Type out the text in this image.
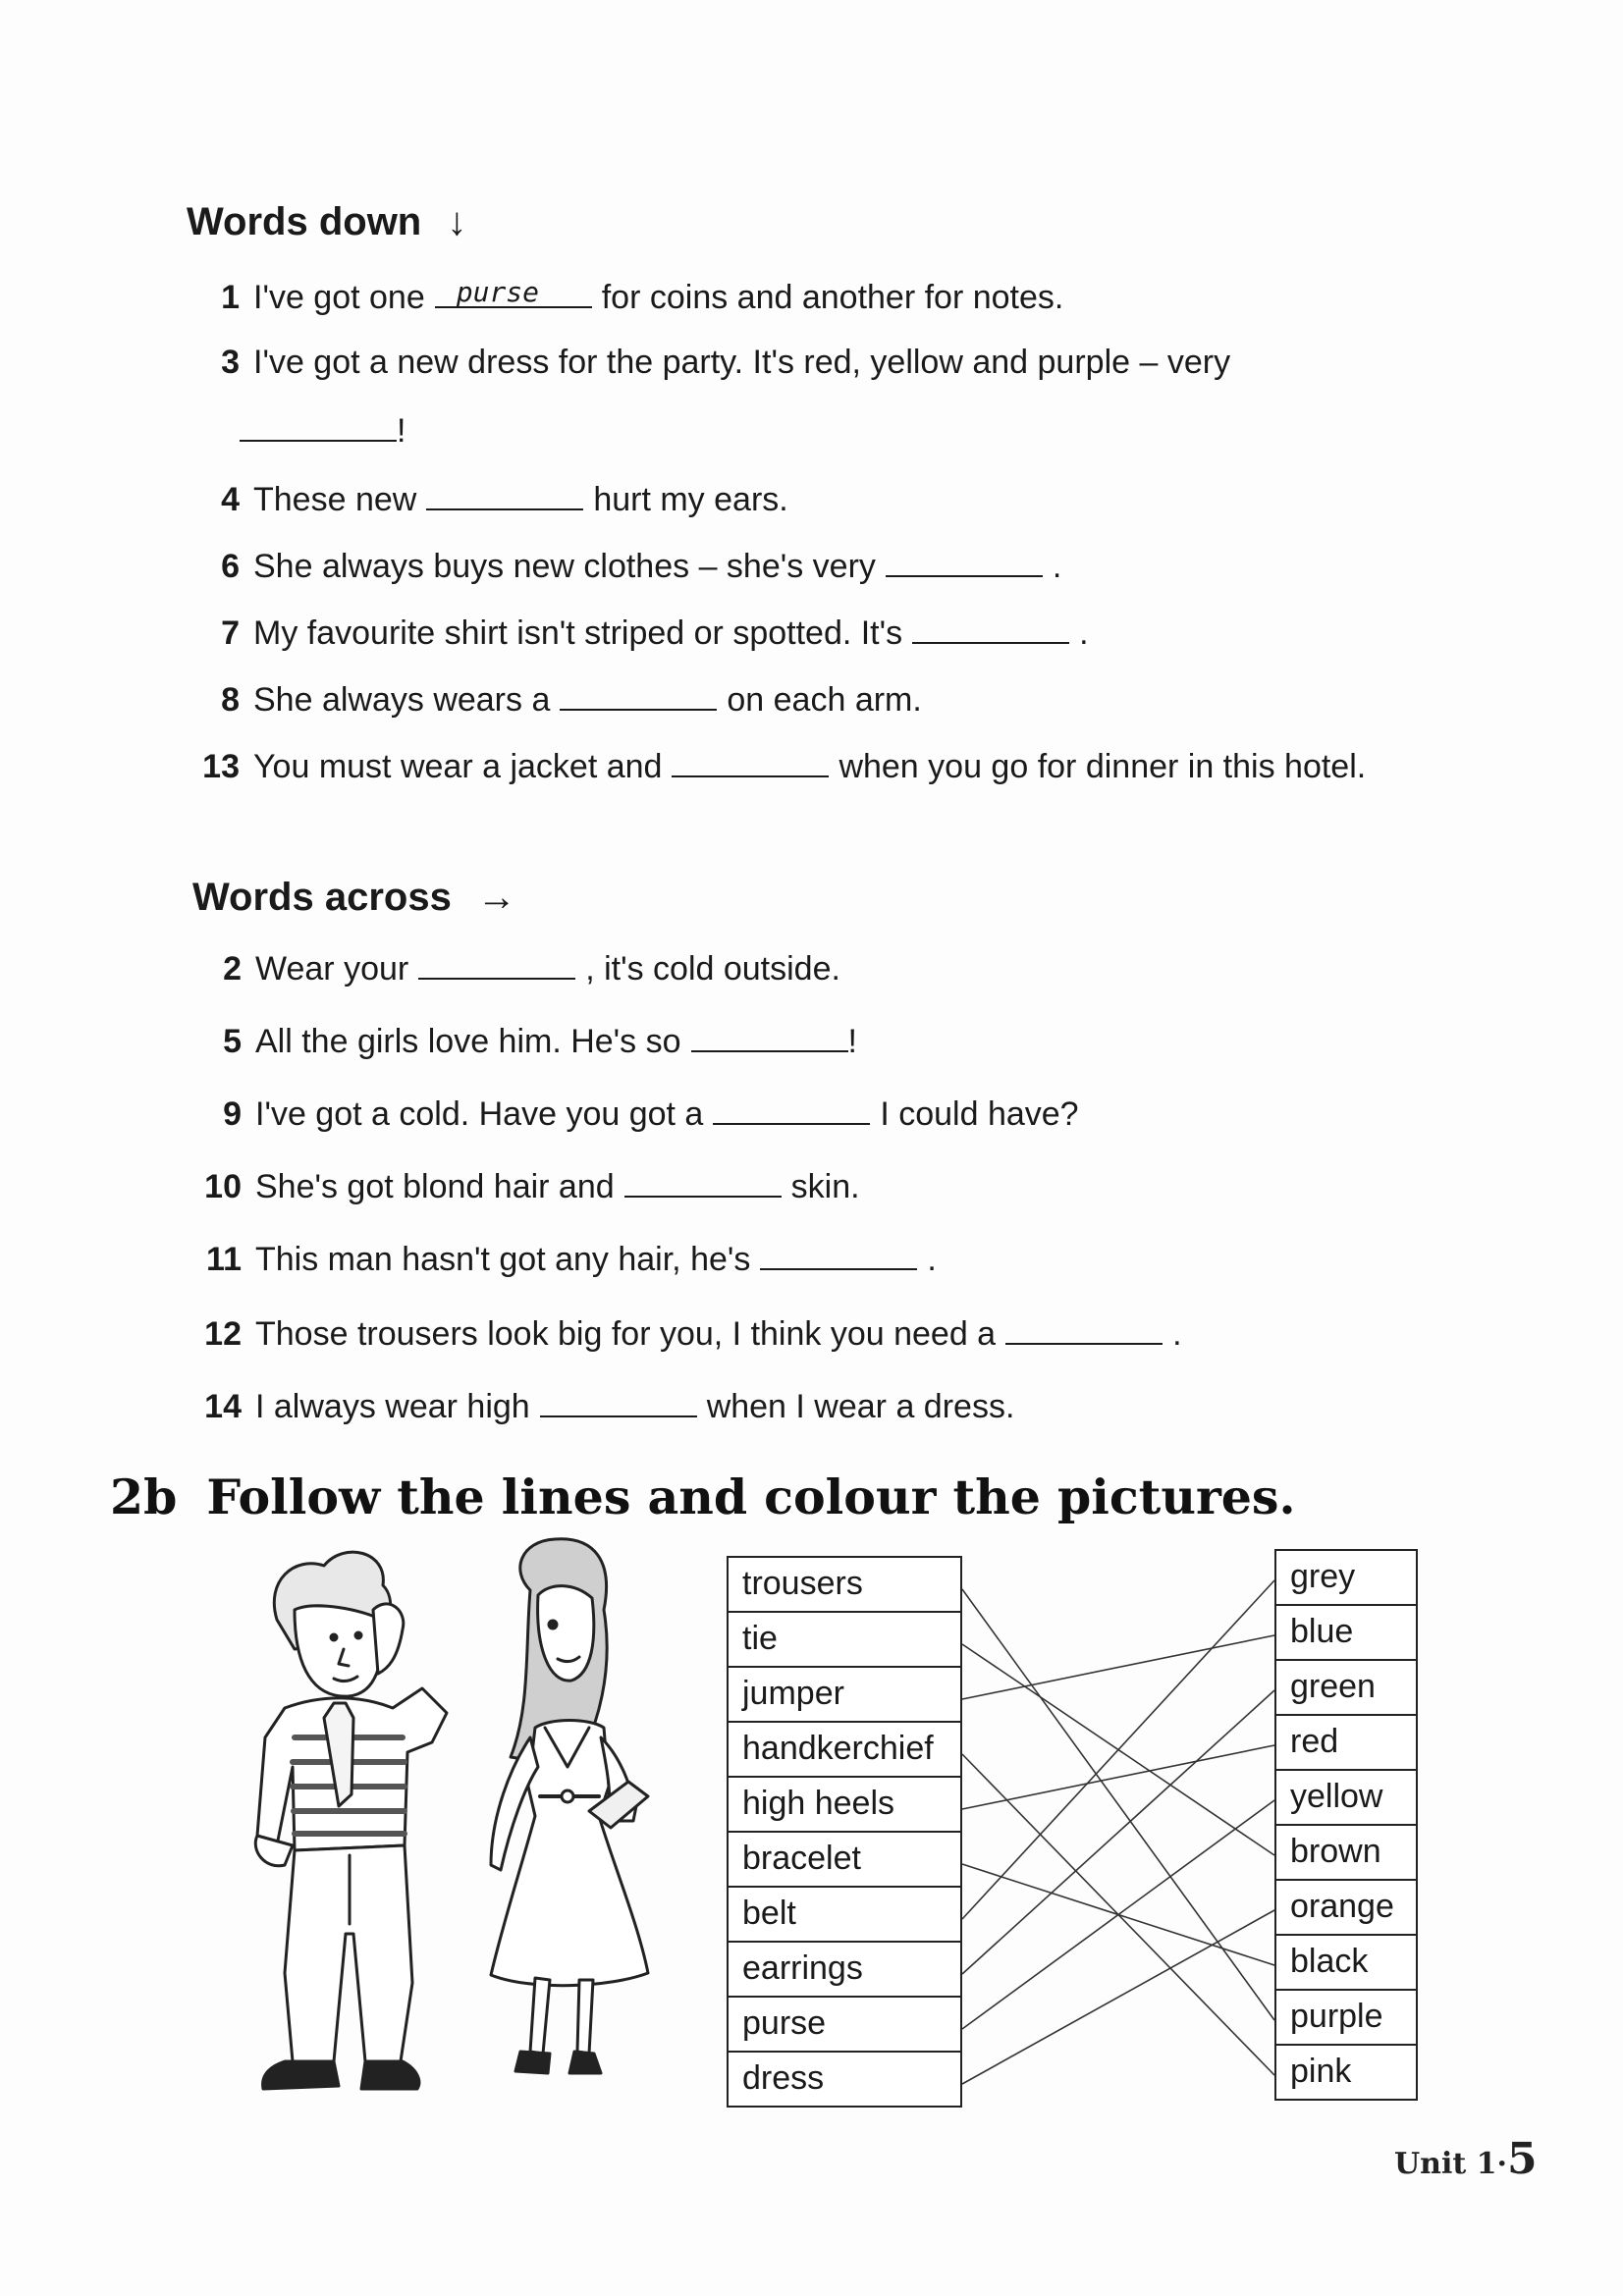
Words down ↓
1 I've got one purse for coins and another for notes.
3 I've got a new dress for the party. It's red, yellow and purple – very
!
4 These new	hurt my ears.
6 She always buys new clothes – she's very	.
7 My favourite shirt isn't striped or spotted. It's	.
8 She always wears a	on each arm.
13 You must wear a jacket and	when you go for dinner in this hotel.
Words across →
2 Wear your	, it's cold outside.
5 All the girls love him. He's so	!
9 I've got a cold. Have you got a	I could have?
10 She's got blond hair and	skin.
11 This man hasn't got any hair, he's	.
12 Those trousers look big for you, I think you need a	.
14 I always wear high	when I wear a dress.
2b Follow the lines and colour the pictures.
Unit 1·5
trousers
tie
jumper
handkerchief
high heels
bracelet
belt
earrings
purse
dress
grey
blue
green
red
yellow
brown
orange
black
purple
pink
